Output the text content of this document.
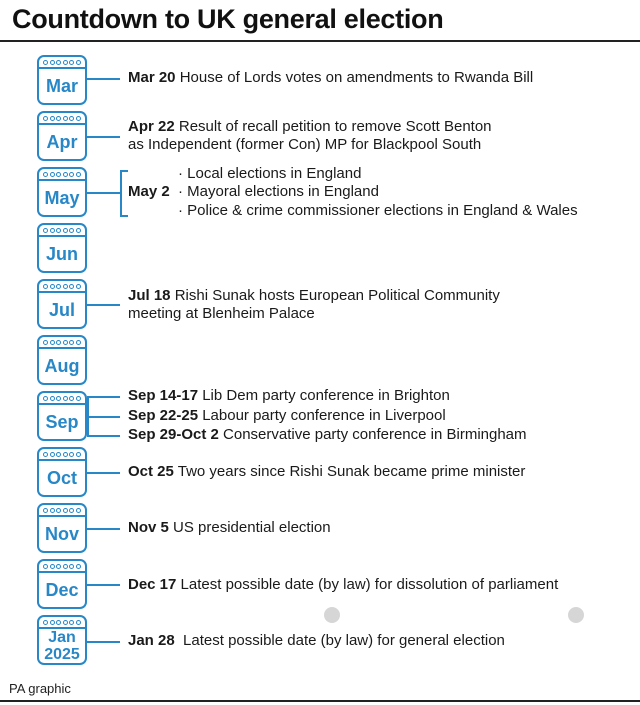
Countdown to UK general election
Mar
Apr
May
Jun
Jul
Aug
Sep
Oct
Nov
Dec
Jan
2025
Mar 20 House of Lords votes on amendments to Rwanda Bill
Apr 22 Result of recall petition to remove Scott Benton
as Independent (former Con) MP for Blackpool South
May 2
· Local elections in England
· Mayoral elections in England
· Police & crime commissioner elections in England & Wales
Jul 18 Rishi Sunak hosts European Political Community
meeting at Blenheim Palace
Sep 14-17 Lib Dem party conference in Brighton
Sep 22-25 Labour party conference in Liverpool
Sep 29-Oct 2 Conservative party conference in Birmingham
Oct 25 Two years since Rishi Sunak became prime minister
Nov 5 US presidential election
Dec 17 Latest possible date (by law) for dissolution of parliament
Jan 28  Latest possible date (by law) for general election
PA graphic
